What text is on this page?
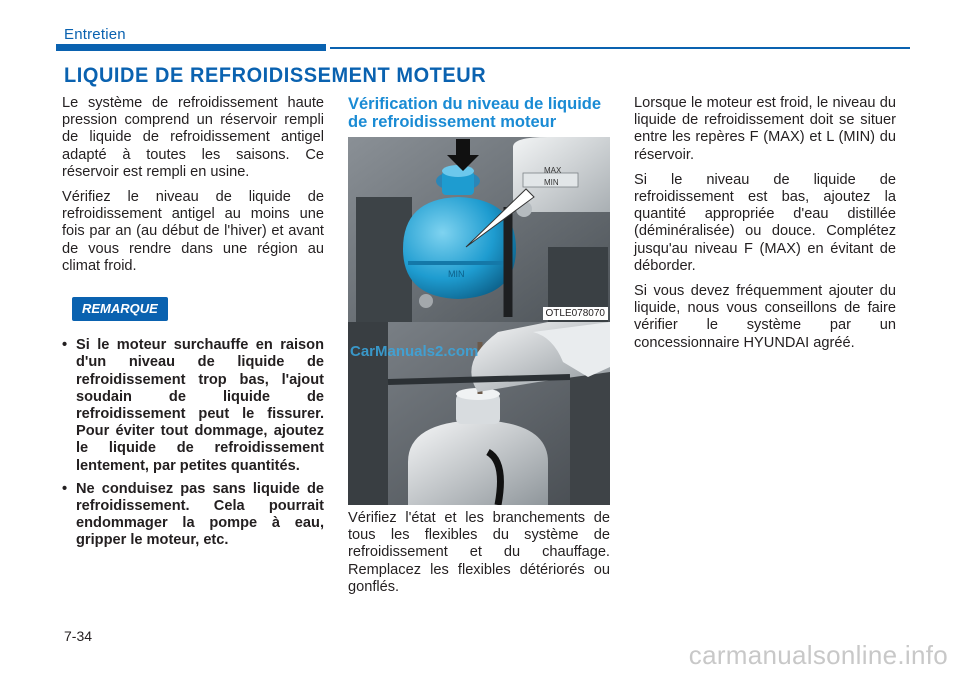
Entretien
LIQUIDE DE REFROIDISSEMENT MOTEUR

Le système de refroidissement haute pression comprend un réservoir rempli de liquide de refroidissement antigel adapté à toutes les saisons. Ce réservoir est rempli en usine.

Vérifiez le niveau de liquide de refroidissement antigel au moins une fois par an (au début de l'hiver) et avant de vous rendre dans une région au climat froid.

REMARQUE
• Si le moteur surchauffe en raison d'un niveau de liquide de refroidissement trop bas, l'ajout soudain de liquide de refroidissement peut le fissurer. Pour éviter tout dommage, ajoutez le liquide de refroidissement lentement, par petites quantités.
• Ne conduisez pas sans liquide de refroidissement. Cela pourrait endommager la pompe à eau, gripper le moteur, etc.
Vérification du niveau de liquide de refroidissement moteur
MIN
MAX
MIN
OTLE078070

Vérifiez l'état et les branchements de tous les flexibles du système de refroidissement et du chauffage. Remplacez les flexibles détériorés ou gonflés.

CarManuals2.com

Lorsque le moteur est froid, le niveau du liquide de refroidissement doit se situer entre les repères F (MAX) et L (MIN) du réservoir.

Si le niveau de liquide de refroidissement est bas, ajoutez la quantité appropriée d'eau distillée (déminéralisée) ou douce. Complétez jusqu'au niveau F (MAX) en évitant de déborder.

Si vous devez fréquemment ajouter du liquide, nous vous conseillons de faire vérifier le système par un concessionnaire HYUNDAI agréé.

7-34
carmanualsonline.info
